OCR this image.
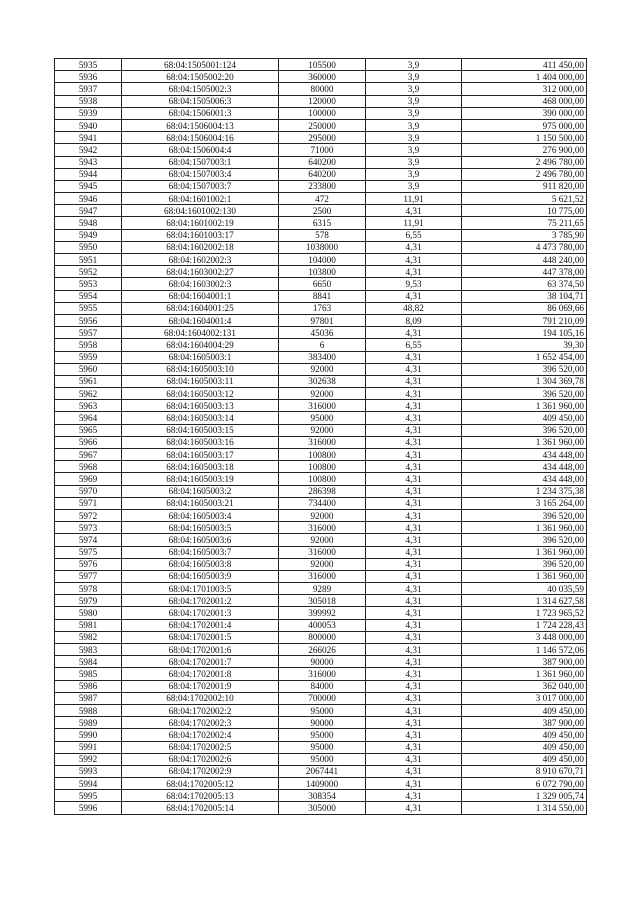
5935	68:04:1505001:124	105500	3,9	411 450,00
5936	68:04:1505002:20	360000	3,9	1 404 000,00
5937	68:04:1505002:3	80000	3,9	312 000,00
5938	68:04:1505006:3	120000	3,9	468 000,00
5939	68:04:1506001:3	100000	3,9	390 000,00
5940	68:04:1506004:13	250000	3,9	975 000,00
5941	68:04:1506004:16	295000	3,9	1 150 500,00
5942	68:04:1506004:4	71000	3,9	276 900,00
5943	68:04:1507003:1	640200	3,9	2 496 780,00
5944	68:04:1507003:4	640200	3,9	2 496 780,00
5945	68:04:1507003:7	233800	3,9	911 820,00
5946	68:04:1601002:1	472	11,91	5 621,52
5947	68:04:1601002:130	2500	4,31	10 775,00
5948	68:04:1601002:19	6315	11,91	75 211,65
5949	68:04:1601003:17	578	6,55	3 785,90
5950	68:04:1602002:18	1038000	4,31	4 473 780,00
5951	68:04:1602002:3	104000	4,31	448 240,00
5952	68:04:1603002:27	103800	4,31	447 378,00
5953	68:04:1603002:3	6650	9,53	63 374,50
5954	68:04:1604001:1	8841	4,31	38 104,71
5955	68:04:1604001:25	1763	48,82	86 069,66
5956	68:04:1604001:4	97801	8,09	791 210,09
5957	68:04:1604002:131	45036	4,31	194 105,16
5958	68:04:1604004:29	6	6,55	39,30
5959	68:04:1605003:1	383400	4,31	1 652 454,00
5960	68:04:1605003:10	92000	4,31	396 520,00
5961	68:04:1605003:11	302638	4,31	1 304 369,78
5962	68:04:1605003:12	92000	4,31	396 520,00
5963	68:04:1605003:13	316000	4,31	1 361 960,00
5964	68:04:1605003:14	95000	4,31	409 450,00
5965	68:04:1605003:15	92000	4,31	396 520,00
5966	68:04:1605003:16	316000	4,31	1 361 960,00
5967	68:04:1605003:17	100800	4,31	434 448,00
5968	68:04:1605003:18	100800	4,31	434 448,00
5969	68:04:1605003:19	100800	4,31	434 448,00
5970	68:04:1605003:2	286398	4,31	1 234 375,38
5971	68:04:1605003:21	734400	4,31	3 165 264,00
5972	68:04:1605003:4	92000	4,31	396 520,00
5973	68:04:1605003:5	316000	4,31	1 361 960,00
5974	68:04:1605003:6	92000	4,31	396 520,00
5975	68:04:1605003:7	316000	4,31	1 361 960,00
5976	68:04:1605003:8	92000	4,31	396 520,00
5977	68:04:1605003:9	316000	4,31	1 361 960,00
5978	68:04:1701003:5	9289	4,31	40 035,59
5979	68:04:1702001:2	305018	4,31	1 314 627,58
5980	68:04:1702001:3	399992	4,31	1 723 965,52
5981	68:04:1702001:4	400053	4,31	1 724 228,43
5982	68:04:1702001:5	800000	4,31	3 448 000,00
5983	68:04:1702001:6	266026	4,31	1 146 572,06
5984	68:04:1702001:7	90000	4,31	387 900,00
5985	68:04:1702001:8	316000	4,31	1 361 960,00
5986	68:04:1702001:9	84000	4,31	362 040,00
5987	68:04:1702002:10	700000	4,31	3 017 000,00
5988	68:04:1702002:2	95000	4,31	409 450,00
5989	68:04:1702002:3	90000	4,31	387 900,00
5990	68:04:1702002:4	95000	4,31	409 450,00
5991	68:04:1702002:5	95000	4,31	409 450,00
5992	68:04:1702002:6	95000	4,31	409 450,00
5993	68:04:1702002:9	2067441	4,31	8 910 670,71
5994	68:04:1702005:12	1409000	4,31	6 072 790,00
5995	68:04:1702005:13	308354	4,31	1 329 005,74
5996	68:04:1702005:14	305000	4,31	1 314 550,00
